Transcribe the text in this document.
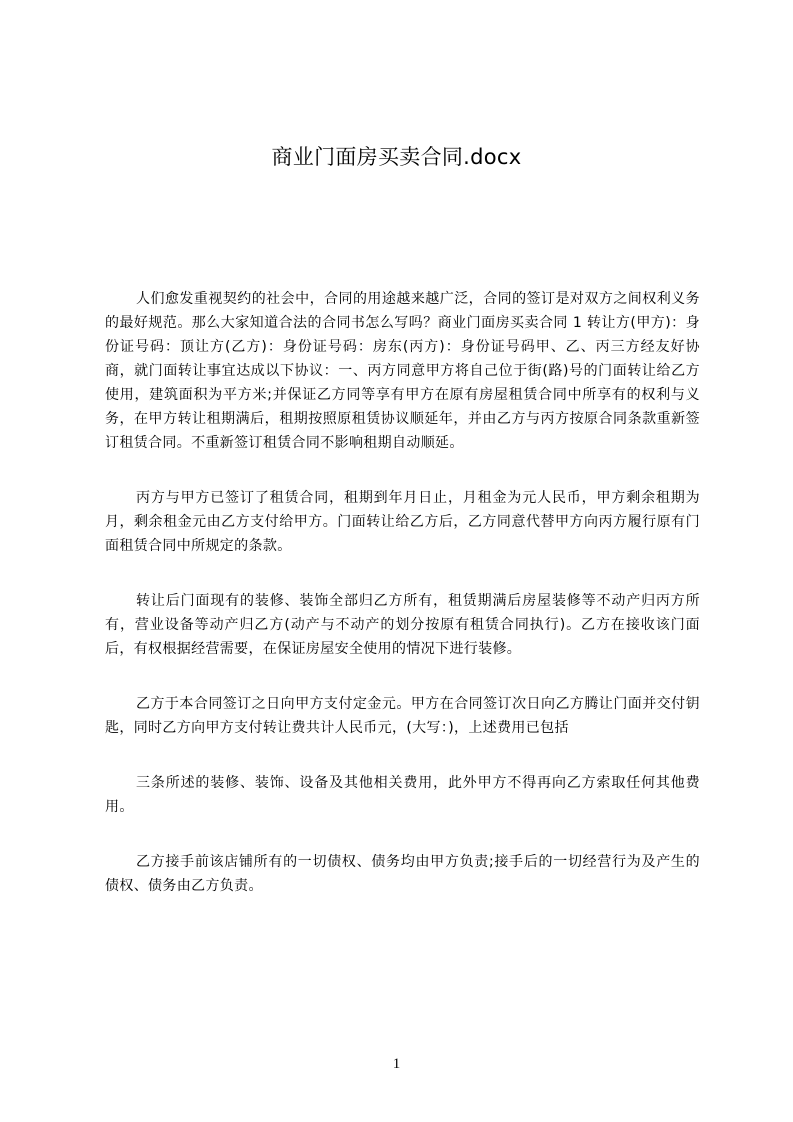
商业门面房买卖合同.docx

人们愈发重视契约的社会中，合同的用途越来越广泛，合同的签订是对双方之间权利义务的最好规范。那么大家知道合法的合同书怎么写吗？商业门面房买卖合同 1 转让方(甲方)：身份证号码：顶让方(乙方)：身份证号码：房东(丙方)：身份证号码甲、乙、丙三方经友好协商，就门面转让事宜达成以下协议：一、丙方同意甲方将自己位于街(路)号的门面转让给乙方使用，建筑面积为平方米;并保证乙方同等享有甲方在原有房屋租赁合同中所享有的权利与义务，在甲方转让租期满后，租期按照原租赁协议顺延年，并由乙方与丙方按原合同条款重新签订租赁合同。不重新签订租赁合同不影响租期自动顺延。

丙方与甲方已签订了租赁合同，租期到年月日止，月租金为元人民币，甲方剩余租期为月，剩余租金元由乙方支付给甲方。门面转让给乙方后，乙方同意代替甲方向丙方履行原有门面租赁合同中所规定的条款。

转让后门面现有的装修、装饰全部归乙方所有，租赁期满后房屋装修等不动产归丙方所有，营业设备等动产归乙方(动产与不动产的划分按原有租赁合同执行)。乙方在接收该门面后，有权根据经营需要，在保证房屋安全使用的情况下进行装修。

乙方于本合同签订之日向甲方支付定金元。甲方在合同签订次日向乙方腾让门面并交付钥匙，同时乙方向甲方支付转让费共计人民币元，(大写：)，上述费用已包括

三条所述的装修、装饰、设备及其他相关费用，此外甲方不得再向乙方索取任何其他费用。

乙方接手前该店铺所有的一切债权、债务均由甲方负责;接手后的一切经营行为及产生的债权、债务由乙方负责。

1
